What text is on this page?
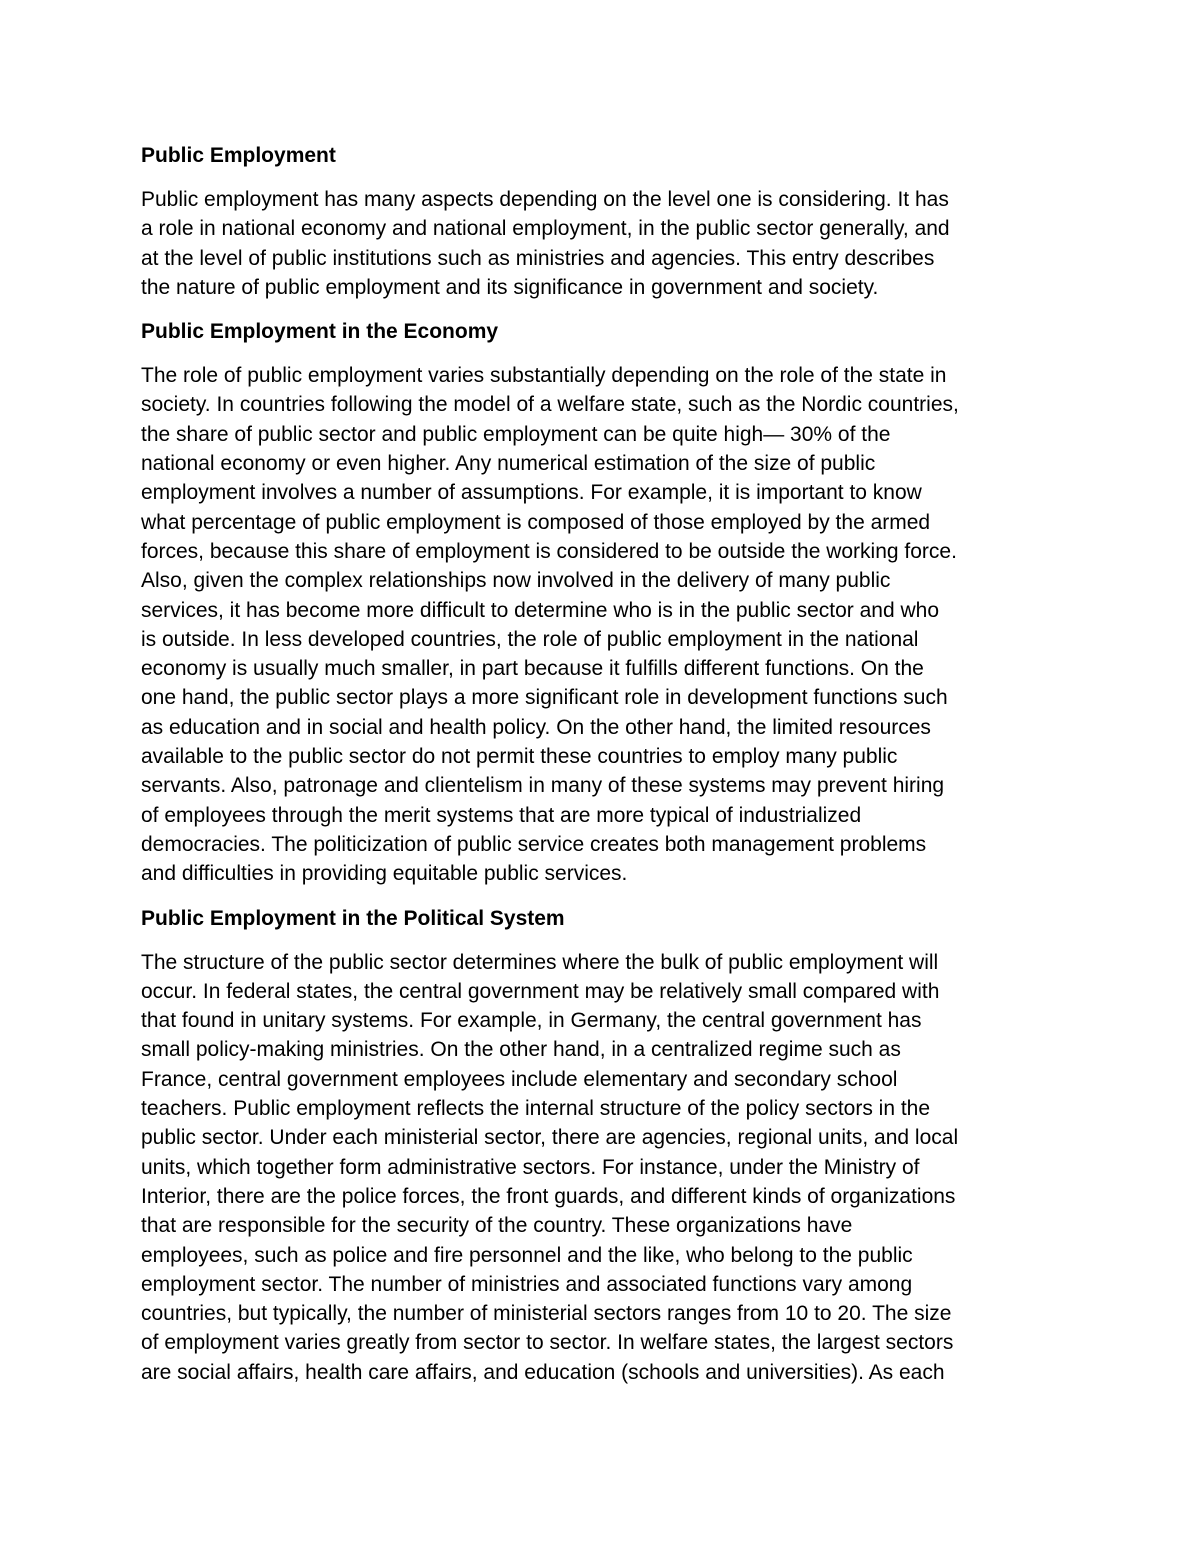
Public Employment

Public employment has many aspects depending on the level one is considering. It has
a role in national economy and national employment, in the public sector generally, and
at the level of public institutions such as ministries and agencies. This entry describes
the nature of public employment and its significance in government and society.

Public Employment in the Economy

The role of public employment varies substantially depending on the role of the state in
society. In countries following the model of a welfare state, such as the Nordic countries,
the share of public sector and public employment can be quite high— 30% of the
national economy or even higher. Any numerical estimation of the size of public
employment involves a number of assumptions. For example, it is important to know
what percentage of public employment is composed of those employed by the armed
forces, because this share of employment is considered to be outside the working force.
Also, given the complex relationships now involved in the delivery of many public
services, it has become more difficult to determine who is in the public sector and who
is outside. In less developed countries, the role of public employment in the national
economy is usually much smaller, in part because it fulfills different functions. On the
one hand, the public sector plays a more significant role in development functions such
as education and in social and health policy. On the other hand, the limited resources
available to the public sector do not permit these countries to employ many public
servants. Also, patronage and clientelism in many of these systems may prevent hiring
of employees through the merit systems that are more typical of industrialized
democracies. The politicization of public service creates both management problems
and difficulties in providing equitable public services.

Public Employment in the Political System

The structure of the public sector determines where the bulk of public employment will
occur. In federal states, the central government may be relatively small compared with
that found in unitary systems. For example, in Germany, the central government has
small policy-making ministries. On the other hand, in a centralized regime such as
France, central government employees include elementary and secondary school
teachers. Public employment reflects the internal structure of the policy sectors in the
public sector. Under each ministerial sector, there are agencies, regional units, and local
units, which together form administrative sectors. For instance, under the Ministry of
Interior, there are the police forces, the front guards, and different kinds of organizations
that are responsible for the security of the country. These organizations have
employees, such as police and fire personnel and the like, who belong to the public
employment sector. The number of ministries and associated functions vary among
countries, but typically, the number of ministerial sectors ranges from 10 to 20. The size
of employment varies greatly from sector to sector. In welfare states, the largest sectors
are social affairs, health care affairs, and education (schools and universities). As each
